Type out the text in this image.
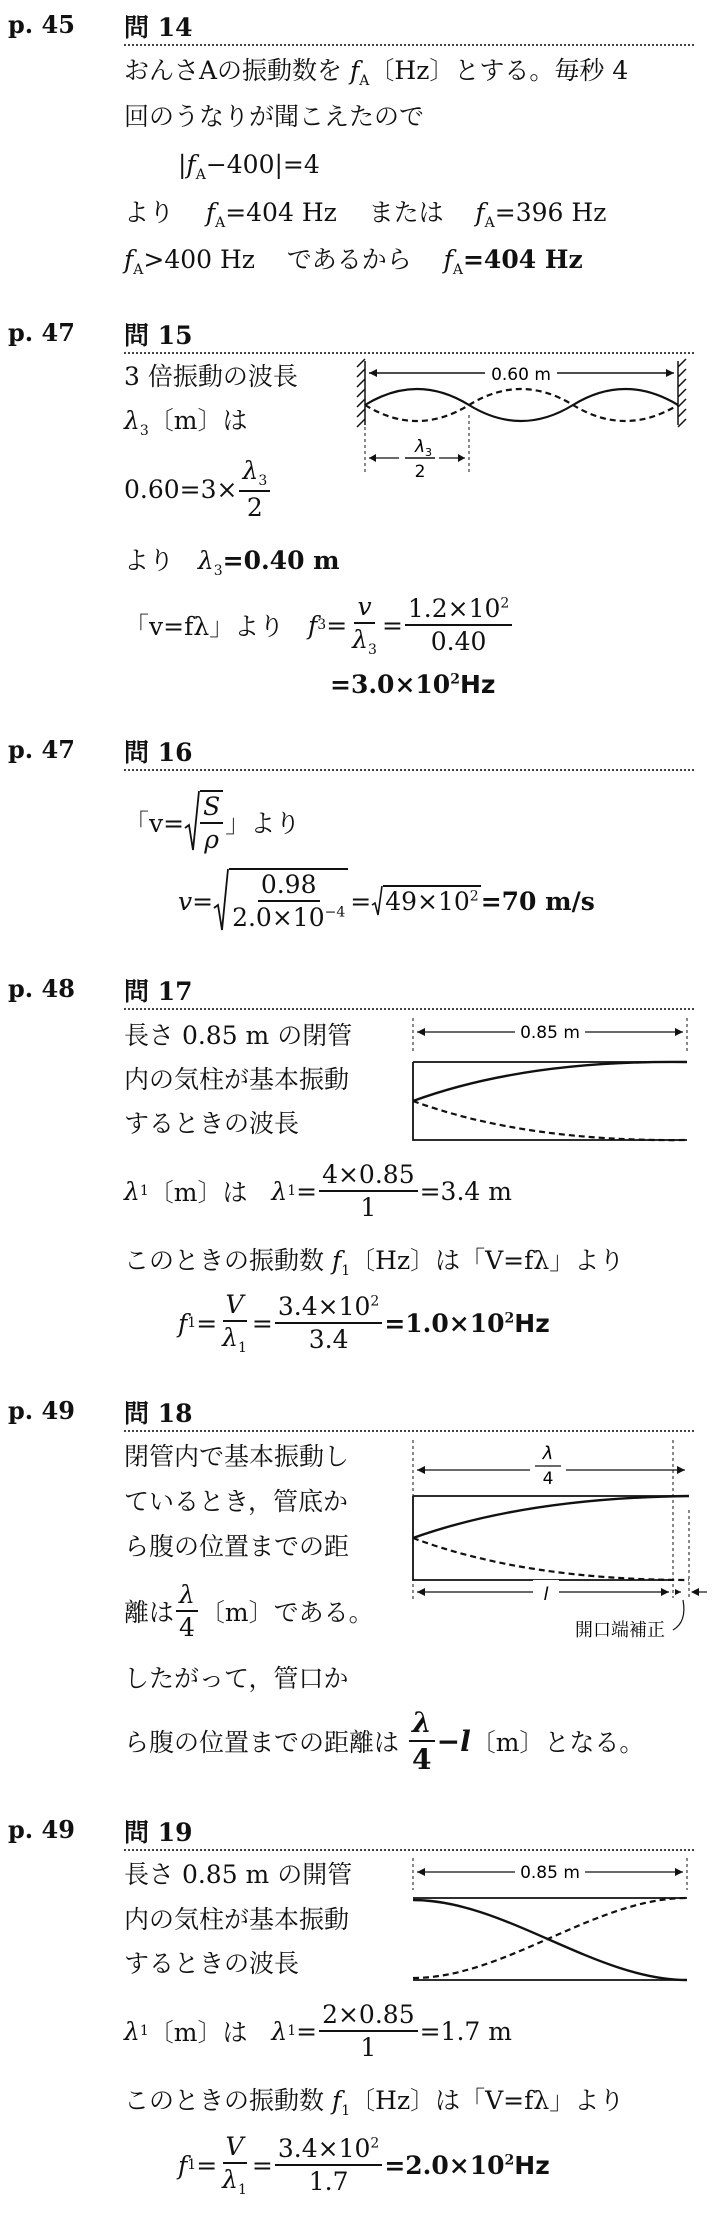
p. 45 問 14
おんさAの振動数を $f_A$〔Hz〕とする。毎秒 4
回のうなりが聞こえたので
$|f_A-400|=4$
より $f_A=404$ Hz または $f_A=396$ Hz
$f_A>400$ Hz であるから $f_A=404$ Hz
p. 47 問 15
3 倍振動の波長
$\lambda_3$〔m〕は
$0.60=3\times \frac{\lambda_3}{2}$
より $\lambda_3=0.40$ m
「v=fλ」より
f $3 = \frac{v}{\lambda_3} = \frac{1.2\times 10^2}{0.40}$
$=3.0\times 10^2Hz$
0.60 m
λ 3
2
p. 47 問 16
「$v= \frac{S}{\rho}$ 」より
$v= \frac{0.98}{2.0\times 10^{-4}} = 49\times 10^2 =70$ m/s
p. 48 問 17
長さ 0.85 m の閉管
内の気柱が基本振動
するときの波長
0.85 m
λ 1 〔m〕は
λ $1 = \frac{4\times 0.85}{1} =3.4$ m
このときの振動数 $f_1$〔Hz〕は「V=fλ」より
f $1 = \frac{V}{\lambda_1} = \frac{3.4\times 10^2}{3.4} =1.0\times 10^2Hz$
p. 49 問 18
閉管内で基本振動し
ているとき，管底か
ら腹の位置までの距
離は $\frac{\lambda}{4}$ 〔m〕である。
したがって，管口か
ら腹の位置までの距離は
$\frac{\lambda}{4} -l$ 〔m〕となる。
λ
4
l
開口端補正
p. 49 問 19
長さ 0.85 m の開管
内の気柱が基本振動
するときの波長
0.85 m
λ 1 〔m〕は
λ $1 = \frac{2\times 0.85}{1} =1.7$ m
このときの振動数 $f_1$〔Hz〕は「V=fλ」より
f $1 = \frac{V}{\lambda_1} = \frac{3.4\times 10^2}{1.7} =2.0\times 10^2Hz$
